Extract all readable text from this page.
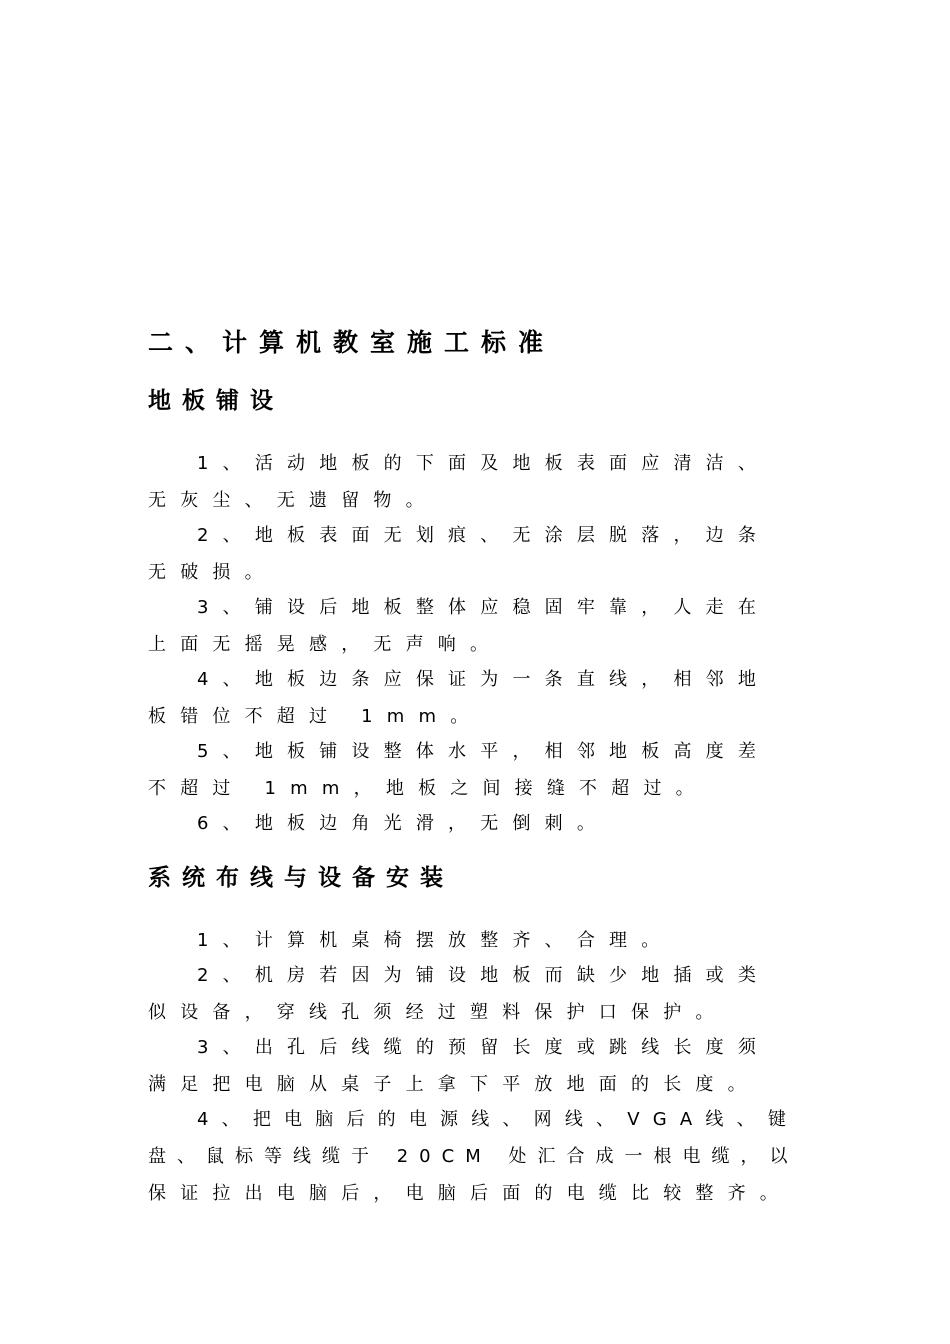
二、计算机教室施工标准
地板铺设
1、活动地板的下面及地板表面应清洁、
无灰尘、无遗留物。
2、地板表面无划痕、无涂层脱落，边条
无破损。
3、铺设后地板整体应稳固牢靠，人走在
上面无摇晃感，无声响。
4、地板边条应保证为一条直线，相邻地
板错位不超过 1mm。
5、地板铺设整体水平，相邻地板高度差
不超过 1mm，地板之间接缝不超过。
6、地板边角光滑，无倒刺。
系统布线与设备安装
1、计算机桌椅摆放整齐、合理。
2、机房若因为铺设地板而缺少地插或类
似设备，穿线孔须经过塑料保护口保护。
3、出孔后线缆的预留长度或跳线长度须
满足把电脑从桌子上拿下平放地面的长度。
4、把电脑后的电源线、网线、VGA线、键
盘、鼠标等线缆于 20CM 处汇合成一根电缆，以
保证拉出电脑后，电脑后面的电缆比较整齐。
